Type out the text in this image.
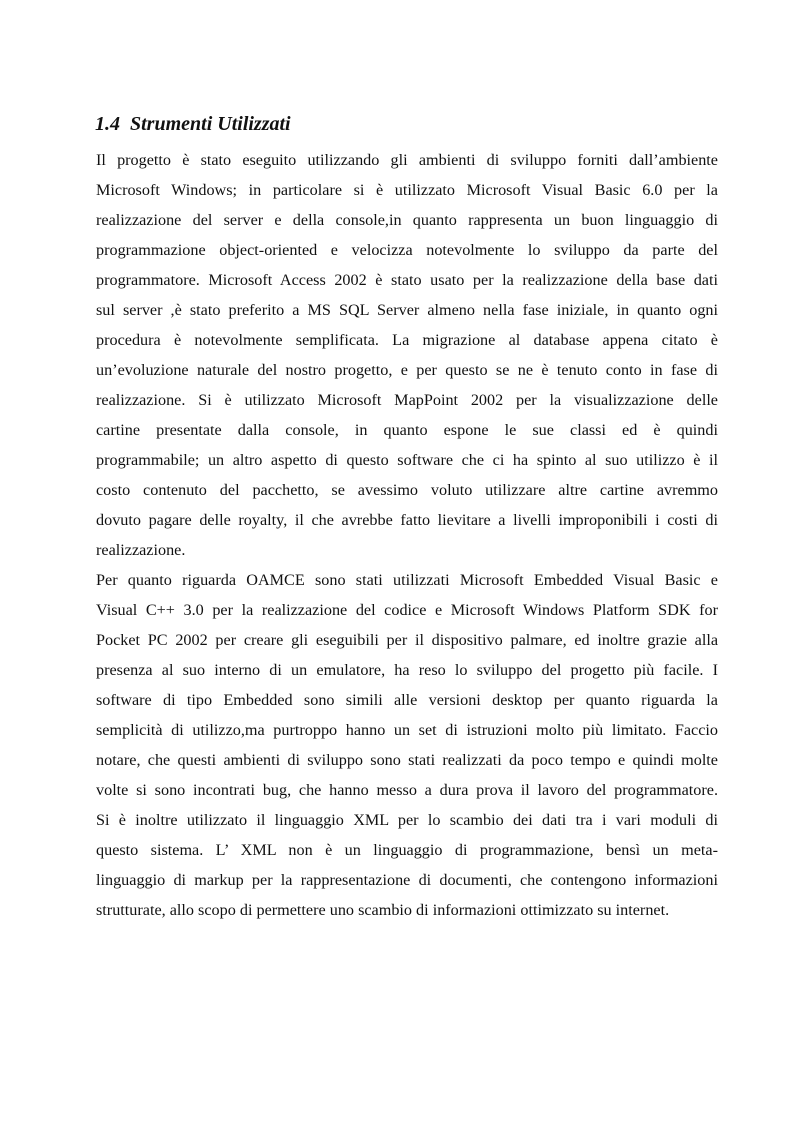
1.4 Strumenti Utilizzati
Il progetto è stato eseguito utilizzando gli ambienti di sviluppo forniti dall’ambiente
Microsoft Windows; in particolare si è utilizzato Microsoft Visual Basic 6.0 per la
realizzazione del server e della console,in quanto rappresenta un buon linguaggio di
programmazione object-oriented e velocizza notevolmente lo sviluppo da parte del
programmatore. Microsoft Access 2002 è stato usato per la realizzazione della base dati
sul server ,è stato preferito a MS SQL Server almeno nella fase iniziale, in quanto ogni
procedura è notevolmente semplificata. La migrazione al database appena citato è
un’evoluzione naturale del nostro progetto, e per questo se ne è tenuto conto in fase di
realizzazione. Si è utilizzato Microsoft MapPoint 2002 per la visualizzazione delle
cartine presentate dalla console, in quanto espone le sue classi ed è quindi
programmabile; un altro aspetto di questo software che ci ha spinto al suo utilizzo è il
costo contenuto del pacchetto, se avessimo voluto utilizzare altre cartine avremmo
dovuto pagare delle royalty, il che avrebbe fatto lievitare a livelli improponibili i costi di
realizzazione.
Per quanto riguarda OAMCE sono stati utilizzati Microsoft Embedded Visual Basic e
Visual C++ 3.0 per la realizzazione del codice e Microsoft Windows Platform SDK for
Pocket PC 2002 per creare gli eseguibili per il dispositivo palmare, ed inoltre grazie alla
presenza al suo interno di un emulatore, ha reso lo sviluppo del progetto più facile. I
software di tipo Embedded sono simili alle versioni desktop per quanto riguarda la
semplicità di utilizzo,ma purtroppo hanno un set di istruzioni molto più limitato. Faccio
notare, che questi ambienti di sviluppo sono stati realizzati da poco tempo e quindi molte
volte si sono incontrati bug, che hanno messo a dura prova il lavoro del programmatore.
Si è inoltre utilizzato il linguaggio XML per lo scambio dei dati tra i vari moduli di
questo sistema. L’ XML non è un linguaggio di programmazione, bensì un meta-
linguaggio di markup per la rappresentazione di documenti, che contengono informazioni
strutturate, allo scopo di permettere uno scambio di informazioni ottimizzato su internet.
